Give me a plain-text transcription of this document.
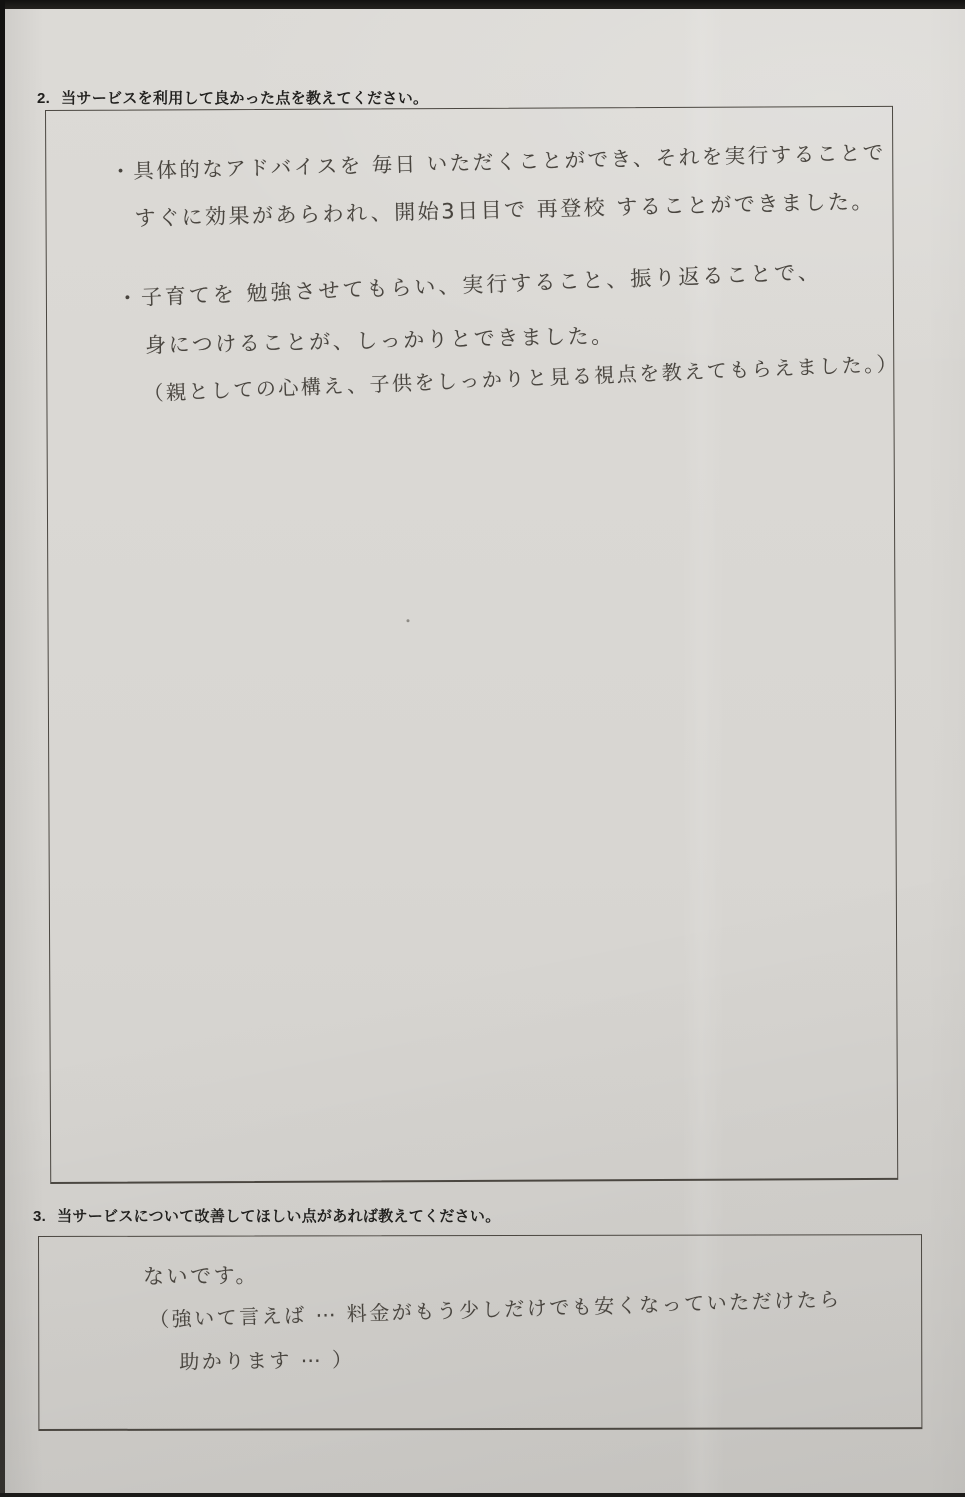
2. 当サービスを利用して良かった点を教えてください。
・具体的なアドバイスを 毎日 いただくことができ、それを実行することで
すぐに効果があらわれ、開始3日目で 再登校 することができました。
・子育てを 勉強させてもらい、実行すること、振り返ることで、
身につけることが、しっかりとできました。
（親としての心構え、子供をしっかりと見る視点を教えてもらえました。）
3. 当サービスについて改善してほしい点があれば教えてください。
ないです。
（強いて言えば ⋯ 料金がもう少しだけでも安くなっていただけたら
助かります ⋯ ）
